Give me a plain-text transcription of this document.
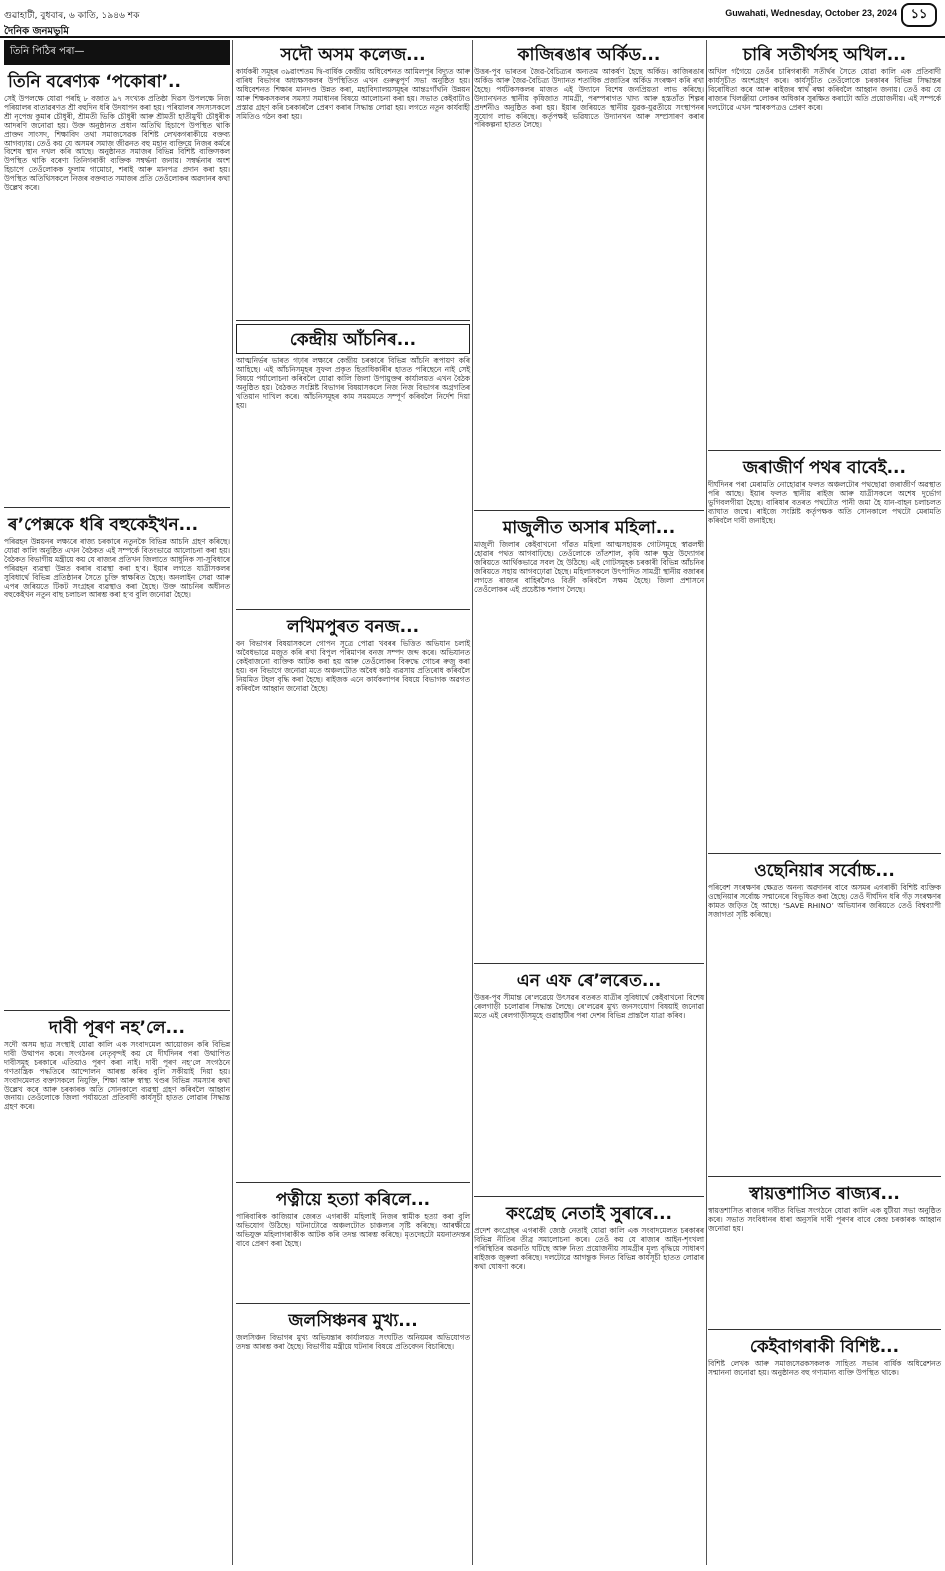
গুৱাহাটী, বুধবাৰ, ৬ কাতি, ১৯৪৬ শক	Guwahati, Wednesday, October 23, 2024	১১
দৈনিক জনমভূমি
তিনি পিঠিৰ পৰা—
তিনি বৰেণ্যক ‘পকোৰা’..

সেই উপলক্ষে যোৱা পৰহি ৮ বজাত ৯৭ সংখ্যক প্ৰতিষ্ঠা দিৱস উপলক্ষে নিজ পৰিয়ালৰ বাতাৱৰণত শ্ৰী বহুদিন ধৰি উদযাপন কৰা হয়। পৰিয়ালৰ সদস্যসকলে শ্ৰী নৃপেন্দ্ৰ কুমাৰ চৌধুৰী, শ্ৰীমতী ভিকি চৌধুৰী আৰু শ্ৰীমতী হাতীমুখী চৌধুৰীক আদৰণি জনোৱা হয়। উক্ত অনুষ্ঠানত প্ৰধান অতিথি হিচাপে উপস্থিত থাকি প্ৰাক্তন সাংসদ, শিক্ষাবিদ তথা সমাজসেৱক বিশিষ্ট লেখকগৰাকীয়ে বক্তব্য আগবঢ়ায়। তেওঁ কয় যে অসমৰ সমাজ জীৱনত বহু মহান ব্যক্তিয়ে নিজৰ কৰ্মৰে বিশেষ স্থান দখল কৰি আছে। অনুষ্ঠানত সমাজৰ বিভিন্ন বিশিষ্ট ব্যক্তিসকল উপস্থিত থাকি বৰেণ্য তিনিগৰাকী ব্যক্তিক সম্বৰ্দ্ধনা জনায়। সম্বৰ্দ্ধনাৰ অংশ হিচাপে তেওঁলোকক ফুলাম গামোচা, শৰাই আৰু মানপত্ৰ প্ৰদান কৰা হয়। উপস্থিত অতিথিসকলে নিজৰ বক্তব্যত সমাজৰ প্ৰতি তেওঁলোকৰ অৱদানৰ কথা উল্লেখ কৰে।

ৰ’পেক্সকে ধৰি বহুকেইখন...

পৰিৱহন উন্নয়নৰ লক্ষ্যৰে ৰাজ্য চৰকাৰে নতুনকৈ বিভিন্ন আচনি গ্ৰহণ কৰিছে। যোৱা কালি অনুষ্ঠিত এখন বৈঠকত এই সম্পৰ্কে বিতংভাৱে আলোচনা কৰা হয়। বৈঠকত বিভাগীয় মন্ত্ৰীয়ে কয় যে ৰাজ্যৰ প্ৰতিখন জিলাতে আধুনিক সা-সুবিধাৰে পৰিৱহন ব্যৱস্থা উন্নত কৰাৰ ব্যৱস্থা কৰা হ’ব। ইয়াৰ লগতে যাত্ৰীসকলৰ সুবিধাৰ্থে বিভিন্ন প্ৰতিষ্ঠানৰ সৈতে চুক্তি স্বাক্ষৰিত হৈছে। অনলাইন সেৱা আৰু এপৰ জৰিয়তে টিকট সংগ্ৰহৰ ব্যৱস্থাও কৰা হৈছে। উক্ত আচনিৰ অধীনত বহুকেইখন নতুন বাছ চলাচল আৰম্ভ কৰা হ’ব বুলি জনোৱা হৈছে।

দাবী পূৰণ নহ’লে...

সদৌ অসম ছাত্ৰ সংস্থাই যোৱা কালি এক সংবাদমেল আয়োজন কৰি বিভিন্ন দাবী উত্থাপন কৰে। সংগঠনৰ নেতৃবৃন্দই কয় যে দীৰ্ঘদিনৰ পৰা উত্থাপিত দাবীসমূহ চৰকাৰে এতিয়াও পূৰণ কৰা নাই। দাবী পূৰণ নহ’লে সংগঠনে গণতান্ত্ৰিক পদ্ধতিৰে আন্দোলন আৰম্ভ কৰিব বুলি সকীয়াই দিয়া হয়। সংবাদমেলত বক্তাসকলে নিযুক্তি, শিক্ষা আৰু স্বাস্থ্য খণ্ডৰ বিভিন্ন সমস্যাৰ কথা উল্লেখ কৰে আৰু চৰকাৰক অতি সোনকালে ব্যৱস্থা গ্ৰহণ কৰিবলৈ আহ্বান জনায়। তেওঁলোকে জিলা পৰ্যায়তো প্ৰতিবাদী কাৰ্যসূচী হাতত লোৱাৰ সিদ্ধান্ত গ্ৰহণ কৰে।

সদৌ অসম কলেজ...

কাৰ্যকৰী সমূহৰ ৩৯ৱাংশতম দ্বি-বাৰ্ষিক কেন্দ্ৰীয় অধিবেশনত আমিলপুৰ বিদ্যুত আৰু বাৰিধ বিভাগৰ অধ্যক্ষসকলৰ উপস্থিতিত এখন গুৰুত্বপূৰ্ণ সভা অনুষ্ঠিত হয়। অধিবেশনত শিক্ষাৰ মানদণ্ড উন্নত কৰা, মহাবিদ্যালয়সমূহৰ আন্তঃগাঁথনি উন্নয়ন আৰু শিক্ষকসকলৰ সমস্যা সমাধানৰ বিষয়ে আলোচনা কৰা হয়। সভাত কেইবাটাও প্ৰস্তাৱ গ্ৰহণ কৰি চৰকাৰলৈ প্ৰেৰণ কৰাৰ সিদ্ধান্ত লোৱা হয়। লগতে নতুন কাৰ্যবাহী সমিতিও গঠন কৰা হয়।

কেন্দ্ৰীয় আঁচনিৰ...

আত্মনিৰ্ভৰ ভাৰত গঢ়াৰ লক্ষ্যৰে কেন্দ্ৰীয় চৰকাৰে বিভিন্ন আঁচনি ৰূপায়ণ কৰি আহিছে। এই আঁচনিসমূহৰ সুফল প্ৰকৃত হিতাধিকাৰীৰ হাতত পৰিছেনে নাই সেই বিষয়ে পৰ্যালোচনা কৰিবলৈ যোৱা কালি জিলা উপায়ুক্তৰ কাৰ্যালয়ত এখন বৈঠক অনুষ্ঠিত হয়। বৈঠকত সংশ্লিষ্ট বিভাগৰ বিষয়াসকলে নিজ নিজ বিভাগৰ অগ্ৰগতিৰ খতিয়ান দাখিল কৰে। আঁচনিসমূহৰ কাম সময়মতে সম্পূৰ্ণ কৰিবলৈ নিৰ্দেশ দিয়া হয়।

লখিমপুৰত বনজ...

বন বিভাগৰ বিষয়াসকলে গোপন সূত্ৰে পোৱা খবৰৰ ভিত্তিত অভিযান চলাই অবৈধভাৱে মজুত কৰি ৰখা বিপুল পৰিমাণৰ বনজ সম্পদ জব্দ কৰে। অভিযানত কেইবাজনো ব্যক্তিক আটক কৰা হয় আৰু তেওঁলোকৰ বিৰুদ্ধে গোচৰ ৰুজু কৰা হয়। বন বিভাগে জনোৱা মতে অঞ্চলটোত অবৈধ কাঠ ব্যৱসায় প্ৰতিৰোধ কৰিবলৈ নিয়মিত টহল বৃদ্ধি কৰা হৈছে। ৰাইজক এনে কাৰ্যকলাপৰ বিষয়ে বিভাগক অৱগত কৰিবলৈ আহ্বান জনোৱা হৈছে।

পত্নীয়ে হত্যা কৰিলে...

পাৰিবাৰিক কাজিয়াৰ জেৰত এগৰাকী মহিলাই নিজৰ স্বামীক হত্যা কৰা বুলি অভিযোগ উঠিছে। ঘটনাটোৱে অঞ্চলটোত চাঞ্চল্যৰ সৃষ্টি কৰিছে। আৰক্ষীয়ে অভিযুক্ত মহিলাগৰাকীক আটক কৰি তদন্ত আৰম্ভ কৰিছে। মৃতদেহটো ময়নাতদন্তৰ বাবে প্ৰেৰণ কৰা হৈছে।

জলসিঞ্চনৰ মুখ্য...

জলসিঞ্চন বিভাগৰ মুখ্য অভিযন্তাৰ কাৰ্যালয়ত সংঘটিত অনিয়মৰ অভিযোগত তদন্ত আৰম্ভ কৰা হৈছে। বিভাগীয় মন্ত্ৰীয়ে ঘটনাৰ বিষয়ে প্ৰতিবেদন বিচাৰিছে।

কাজিৰঙাৰ অৰ্কিড...

উত্তৰ-পূব ভাৰতৰ জৈৱ-বৈচিত্ৰ্যৰ অন্যতম আকৰ্ষণ হৈছে অৰ্কিড। কাজিৰঙাৰ অৰ্কিড আৰু জৈৱ-বৈচিত্ৰ্য উদ্যানত শতাধিক প্ৰজাতিৰ অৰ্কিড সংৰক্ষণ কৰি ৰখা হৈছে। পৰ্যটকসকলৰ মাজত এই উদ্যানে বিশেষ জনপ্ৰিয়তা লাভ কৰিছে। উদ্যানখনত স্থানীয় কৃষিজাত সামগ্ৰী, পৰম্পৰাগত খাদ্য আৰু হস্ততাঁত শিল্পৰ প্ৰদৰ্শনীও অনুষ্ঠিত কৰা হয়। ইয়াৰ জৰিয়তে স্থানীয় যুৱক-যুৱতীয়ে সংস্থাপনৰ সুযোগ লাভ কৰিছে। কৰ্তৃপক্ষই ভৱিষ্যতে উদ্যানখন আৰু সম্প্ৰসাৰণ কৰাৰ পৰিকল্পনা হাতত লৈছে।

মাজুলীত অসাৰ মহিলা...

মাজুলী জিলাৰ কেইবাখনো গাঁৱত মহিলা আত্মসহায়ক গোটসমূহে স্বাৱলম্বী হোৱাৰ পথত আগবাঢ়িছে। তেওঁলোকে তাঁতশাল, কৃষি আৰু ক্ষুদ্ৰ উদ্যোগৰ জৰিয়তে আৰ্থিকভাৱে সবল হৈ উঠিছে। এই গোটসমূহক চৰকাৰী বিভিন্ন আঁচনিৰ জৰিয়তে সহায় আগবঢ়োৱা হৈছে। মহিলাসকলে উৎপাদিত সামগ্ৰী স্থানীয় বজাৰৰ লগতে ৰাজ্যৰ বাহিৰলৈও বিক্ৰী কৰিবলৈ সক্ষম হৈছে। জিলা প্ৰশাসনে তেওঁলোকৰ এই প্ৰচেষ্টাক শলাগ লৈছে।

এন এফ ৰে’লৰেত...

উত্তৰ-পূব সীমান্ত ৰে’লৱেয়ে উৎসৱৰ বতৰত যাত্ৰীৰ সুবিধাৰ্থে কেইবাখনো বিশেষ ৰেলগাড়ী চলোৱাৰ সিদ্ধান্ত লৈছে। ৰে’লৱেৰ মুখ্য জনসংযোগ বিষয়াই জনোৱা মতে এই ৰেলগাড়ীসমূহে গুৱাহাটীৰ পৰা দেশৰ বিভিন্ন প্ৰান্তলৈ যাত্ৰা কৰিব।

কংগ্ৰেছ নেতাই সুৰাৰে...

প্ৰদেশ কংগ্ৰেছৰ এগৰাকী জ্যেষ্ঠ নেতাই যোৱা কালি এক সংবাদমেলত চৰকাৰৰ বিভিন্ন নীতিৰ তীব্ৰ সমালোচনা কৰে। তেওঁ কয় যে ৰাজ্যৰ আইন-শৃংখলা পৰিস্থিতিৰ অৱনতি ঘটিছে আৰু নিত্য প্ৰয়োজনীয় সামগ্ৰীৰ মূল্য বৃদ্ধিয়ে সাধাৰণ ৰাইজক জুৰুলা কৰিছে। দলটোৱে আগন্তুক দিনত বিভিন্ন কাৰ্যসূচী হাতত লোৱাৰ কথা ঘোষণা কৰে।

চাৰি সতীৰ্থসহ অখিল...

অখিল গগৈয়ে তেওঁৰ চাৰিগৰাকী সতীৰ্থৰ সৈতে যোৱা কালি এক প্ৰতিবাদী কাৰ্যসূচীত অংশগ্ৰহণ কৰে। কাৰ্যসূচীত তেওঁলোকে চৰকাৰৰ বিভিন্ন সিদ্ধান্তৰ বিৰোধিতা কৰে আৰু ৰাইজৰ স্বাৰ্থ ৰক্ষা কৰিবলৈ আহ্বান জনায়। তেওঁ কয় যে ৰাজ্যৰ খিলঞ্জীয়া লোকৰ অধিকাৰ সুৰক্ষিত কৰাটো অতি প্ৰয়োজনীয়। এই সম্পৰ্কে দলটোৱে এখন স্মাৰকপত্ৰও প্ৰেৰণ কৰে।

জৰাজীৰ্ণ পথৰ বাবেই...

দীৰ্ঘদিনৰ পৰা মেৰামতি নোহোৱাৰ ফলত অঞ্চলটোৰ পথছোৱা জৰাজীৰ্ণ অৱস্থাত পৰি আছে। ইয়াৰ ফলত স্থানীয় ৰাইজ আৰু যাত্ৰীসকলে অশেষ দুৰ্ভোগ ভুগিবলগীয়া হৈছে। বাৰিষাৰ বতৰত পথটোত পানী জমা হৈ যান-বাহন চলাচলত ব্যাঘাত জন্মে। ৰাইজে সংশ্লিষ্ট কৰ্তৃপক্ষক অতি সোনকালে পথটো মেৰামতি কৰিবলৈ দাবী জনাইছে।

ওছেনিয়াৰ সৰ্বোচ্চ...

পৰিবেশ সংৰক্ষণৰ ক্ষেত্ৰত অনন্য অৱদানৰ বাবে অসমৰ এগৰাকী বিশিষ্ট ব্যক্তিক ওছেনিয়াৰ সৰ্বোচ্চ সন্মানেৰে বিভূষিত কৰা হৈছে। তেওঁ দীৰ্ঘদিন ধৰি গঁড় সংৰক্ষণৰ কামত জড়িত হৈ আছে। ‘SAVE RHINO’ অভিযানৰ জৰিয়তে তেওঁ বিশ্বব্যাপী সজাগতা সৃষ্টি কৰিছে।

স্বায়ত্তশাসিত ৰাজ্যৰ...

স্বায়ত্তশাসিত ৰাজ্যৰ দাবীত বিভিন্ন সংগঠনে যোৱা কালি এক যুটীয়া সভা অনুষ্ঠিত কৰে। সভাত সংবিধানৰ ধাৰা অনুসৰি দাবী পূৰণৰ বাবে কেন্দ্ৰ চৰকাৰক আহ্বান জনোৱা হয়।

কেইবাগৰাকী বিশিষ্ট...

বিশিষ্ট লেখক আৰু সমাজসেৱকসকলক সাহিত্য সভাৰ বাৰ্ষিক অধিৱেশনত সন্মাননা জনোৱা হয়। অনুষ্ঠানত বহু গণ্যমান্য ব্যক্তি উপস্থিত থাকে।
